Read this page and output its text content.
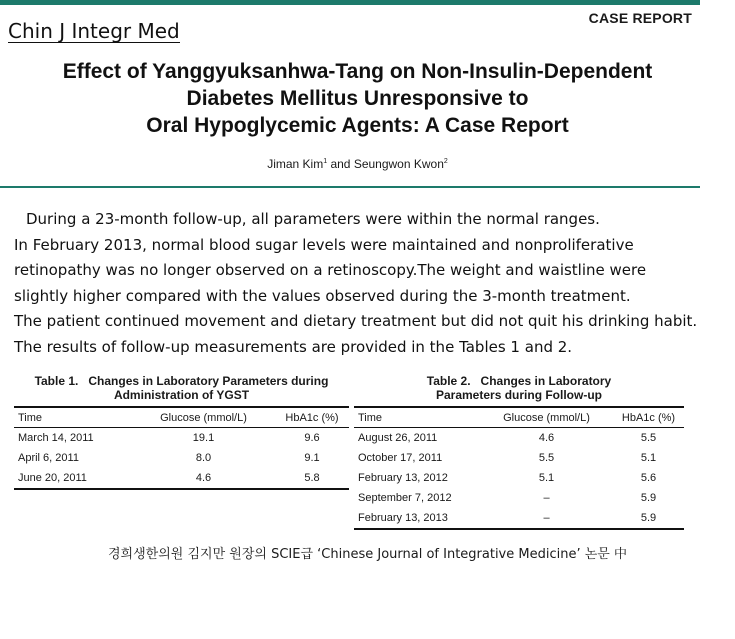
Chin J Integr Med
CASE REPORT
Effect of Yanggyuksanhwa-Tang on Non-Insulin-Dependent
Diabetes Mellitus Unresponsive to
Oral Hypoglycemic Agents: A Case Report
Jiman Kim$^1$ and Seungwon Kwon$^2$
During a 23-month follow-up, all parameters were within the normal ranges.
In February 2013, normal blood sugar levels were maintained and nonproliferative
retinopathy was no longer observed on a retinoscopy.The weight and waistline were
slightly higher compared with the values observed during the 3-month treatment.
The patient continued movement and dietary treatment but did not quit his drinking habit.
The results of follow-up measurements are provided in the Tables 1 and 2.
Table 1.   Changes in Laboratory Parameters during
Administration of YGST
Time	Glucose (mmol/L)	HbA1c (%)
March 14, 2011	19.1	9.6
April 6, 2011	8.0	9.1
June 20, 2011	4.6	5.8
Table 2.   Changes in Laboratory
Parameters during Follow-up
Time	Glucose (mmol/L)	HbA1c (%)
August 26, 2011	4.6	5.5
October 17, 2011	5.5	5.1
February 13, 2012	5.1	5.6
September 7, 2012	–	5.9
February 13, 2013	–	5.9
경희생한의원 김지만 원장의 SCIE급 ‘Chinese Journal of Integrative Medicine’ 논문 中
